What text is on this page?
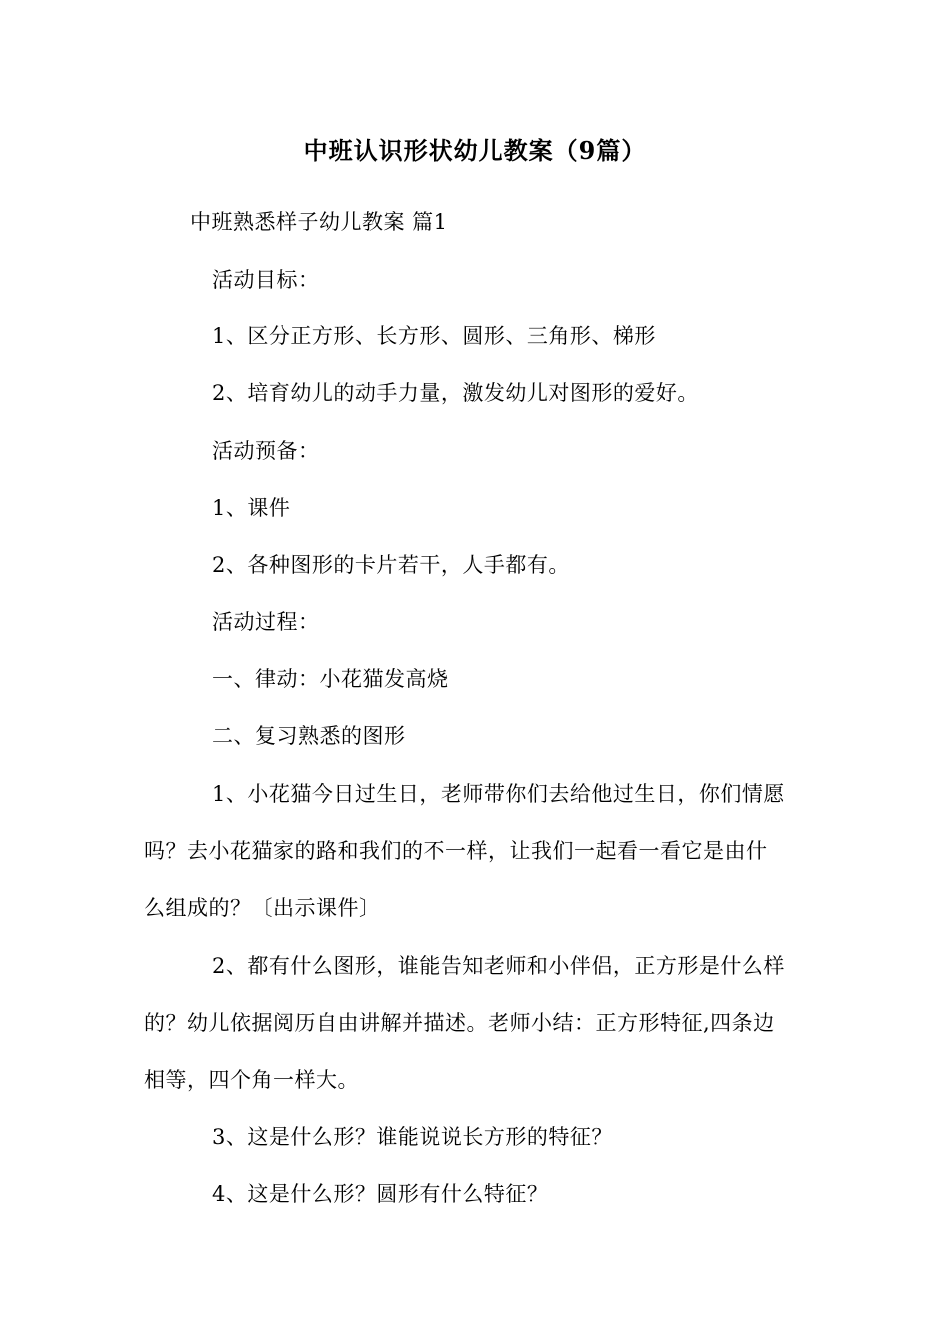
中班认识形状幼儿教案（9篇）
中班熟悉样子幼儿教案 篇1
活动目标：
1、区分正方形、长方形、圆形、三角形、梯形
2、培育幼儿的动手力量，激发幼儿对图形的爱好。
活动预备：
1、课件
2、各种图形的卡片若干，人手都有。
活动过程：
一、律动：小花猫发高烧
二、复习熟悉的图形
1、小花猫今日过生日，老师带你们去给他过生日，你们情愿
吗？去小花猫家的路和我们的不一样，让我们一起看一看它是由什
么组成的？〔出示课件〕
2、都有什么图形，谁能告知老师和小伴侣，正方形是什么样
的？幼儿依据阅历自由讲解并描述。老师小结：正方形特征,四条边
相等，四个角一样大。
3、这是什么形？谁能说说长方形的特征？
4、这是什么形？圆形有什么特征？
